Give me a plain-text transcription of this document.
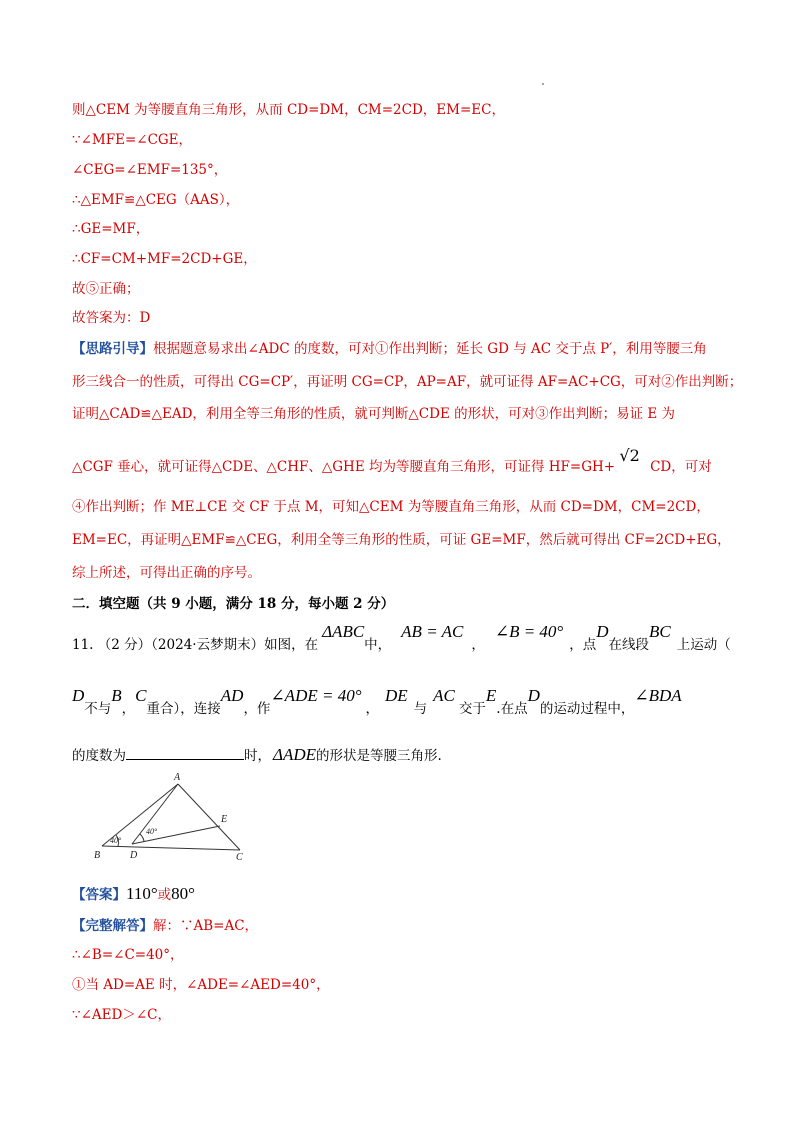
则△CEM 为等腰直角三角形，从而 CD=DM，CM=2CD，EM=EC，
∵∠MFE=∠CGE，
∠CEG=∠EMF=135°，
∴△EMF≌△CEG（AAS），
∴GE=MF，
∴CF=CM+MF=2CD+GE，
故⑤正确；
故答案为：D
【思路引导】根据题意易求出∠ADC 的度数，可对①作出判断；延长 GD 与 AC 交于点 P′，利用等腰三角
形三线合一的性质，可得出 CG=CP′，再证明 CG=CP，AP=AF，就可证得 AF=AC+CG，可对②作出判断；
证明△CAD≌△EAD，利用全等三角形的性质，就可判断△CDE 的形状，可对③作出判断；易证 E 为
△CGF 垂心，就可证得△CDE、△CHF、△GHE 均为等腰直角三角形，可证得 HF=GH+ √2 CD，可对
④作出判断；作 ME⊥CE 交 CF 于点 M，可知△CEM 为等腰直角三角形，从而 CD=DM，CM=2CD，
EM=EC，再证明△EMF≌△CEG，利用全等三角形的性质，可证 GE=MF，然后就可得出 CF=2CD+EG，
综上所述，可得出正确的序号。
二．填空题（共 9 小题，满分 18 分，每小题 2 分）
11. （2 分）（2024·云梦期末）如图，在ΔABC中，AB = AC，∠B = 40°，点D在线段BC上运动（
D不与B，C重合），连接AD，作∠ADE = 40°，DE与AC交于E.在点D的运动过程中，∠BDA
的度数为	时， ΔADE的形状是等腰三角形.
A
B	C
D
E
40°
40°
【答案】110°或80°
【完整解答】解：∵AB=AC，
∴∠B=∠C=40°，
①当 AD=AE 时，∠ADE=∠AED=40°，
∵∠AED＞∠C，
